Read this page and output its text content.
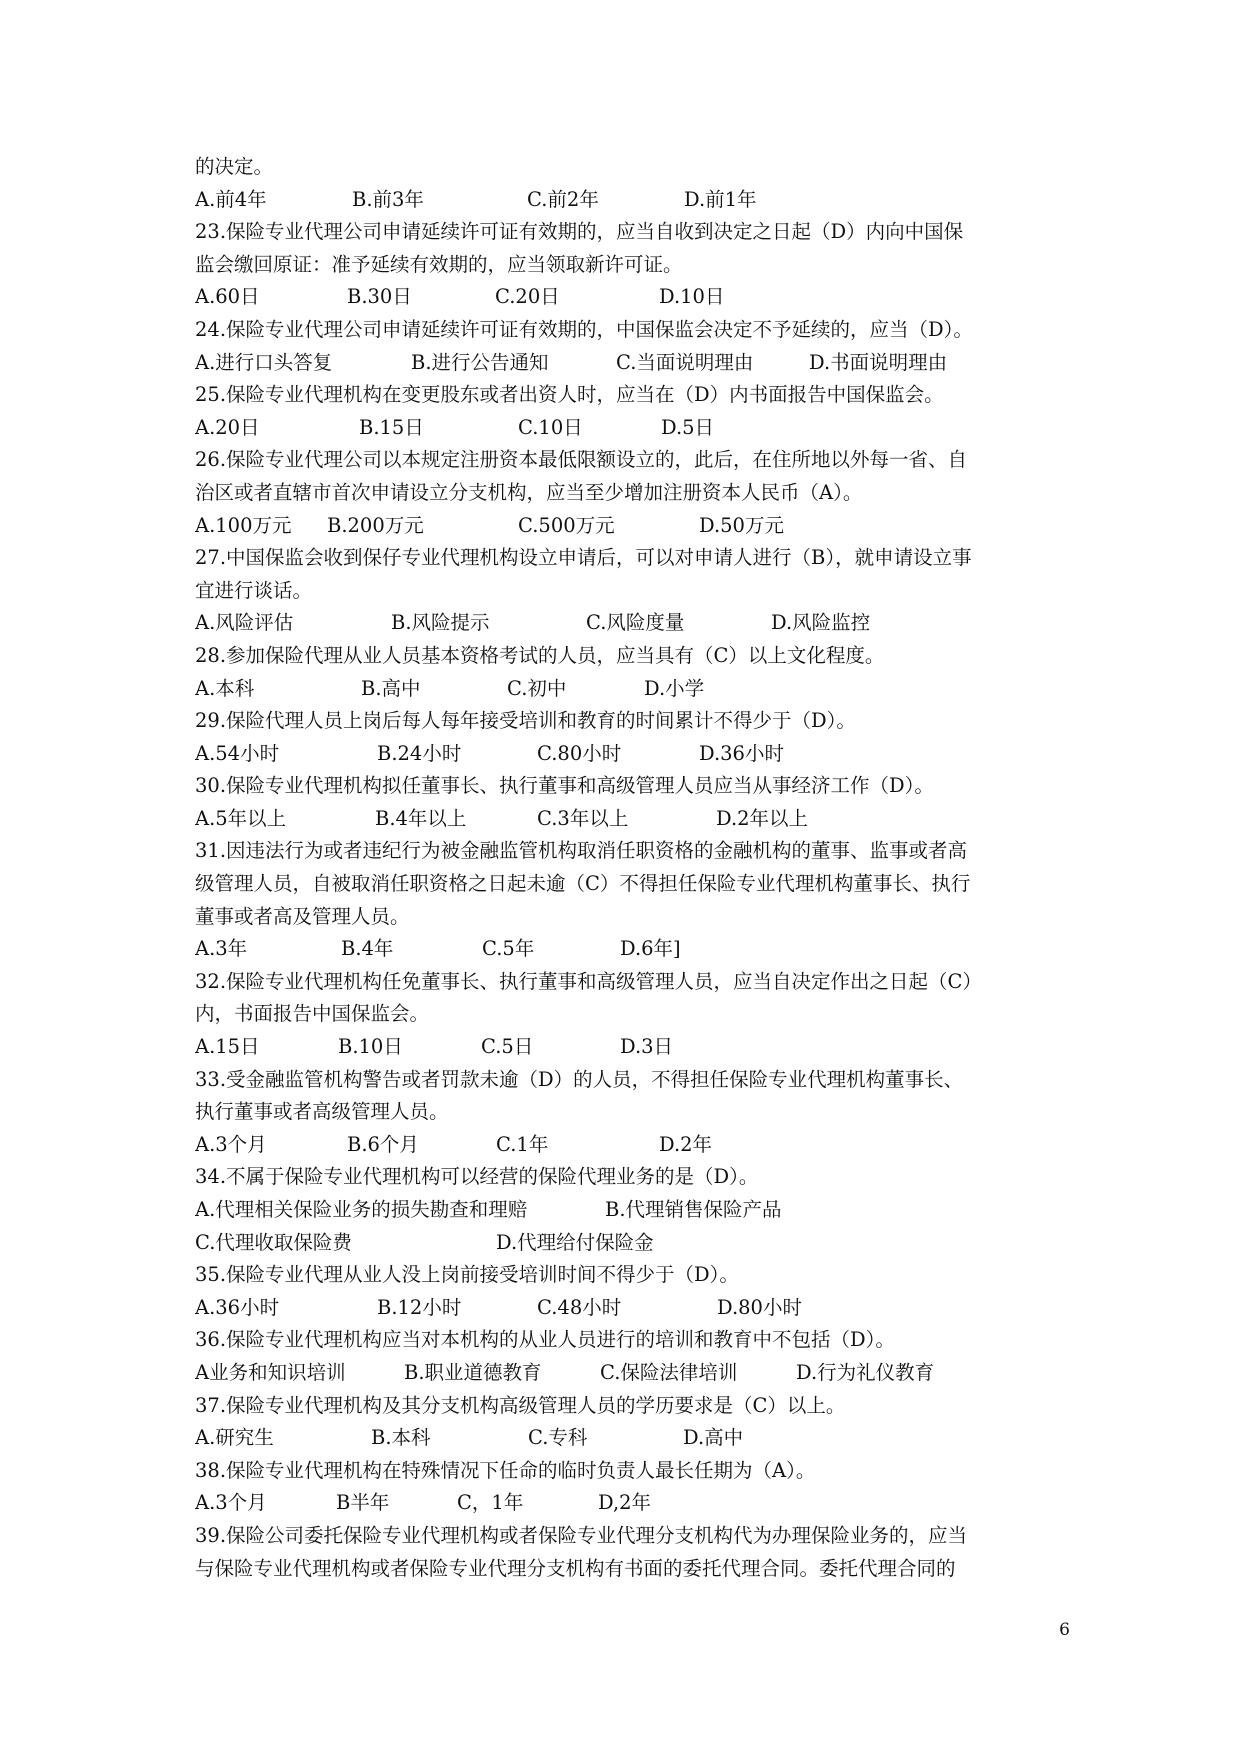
的决定。
A.前4年	B.前3年	C.前2年	D.前1年
23.保险专业代理公司申请延续许可证有效期的，应当自收到决定之日起（D）内向中国保
监会缴回原证：准予延续有效期的，应当领取新许可证。
A.60日	B.30日	C.20日	D.10日
24.保险专业代理公司申请延续许可证有效期的，中国保监会决定不予延续的，应当（D）。
A.进行口头答复	B.进行公告通知	C.当面说明理由	D.书面说明理由
25.保险专业代理机构在变更股东或者出资人时，应当在（D）内书面报告中国保监会。
A.20日	B.15日	C.10日	D.5日
26.保险专业代理公司以本规定注册资本最低限额设立的，此后，在住所地以外每一省、自
治区或者直辖市首次申请设立分支机构，应当至少增加注册资本人民币（A）。
A.100万元 B.200万元	C.500万元	D.50万元
27.中国保监会收到保仔专业代理机构设立申请后，可以对申请人进行（B），就申请设立事
宜进行谈话。
A.风险评估	B.风险提示	C.风险度量	D.风险监控
28.参加保险代理从业人员基本资格考试的人员，应当具有（C）以上文化程度。
A.本科	B.高中	C.初中	D.小学
29.保险代理人员上岗后每人每年接受培训和教育的时间累计不得少于（D）。
A.54小时	B.24小时	C.80小时	D.36小时
30.保险专业代理机构拟任董事长、执行董事和高级管理人员应当从事经济工作（D）。
A.5年以上	B.4年以上	C.3年以上	D.2年以上
31.因违法行为或者违纪行为被金融监管机构取消任职资格的金融机构的董事、监事或者高
级管理人员，自被取消任职资格之日起未逾（C）不得担任保险专业代理机构董事长、执行
董事或者高及管理人员。
A.3年	B.4年	C.5年	D.6年]
32.保险专业代理机构任免董事长、执行董事和高级管理人员，应当自决定作出之日起（C）
内，书面报告中国保监会。
A.15日	B.10日	C.5日	D.3日
33.受金融监管机构警告或者罚款未逾（D）的人员，不得担任保险专业代理机构董事长、
执行董事或者高级管理人员。
A.3个月	B.6个月	C.1年	D.2年
34.不属于保险专业代理机构可以经营的保险代理业务的是（D）。
A.代理相关保险业务的损失勘查和理赔	B.代理销售保险产品
C.代理收取保险费	D.代理给付保险金
35.保险专业代理从业人没上岗前接受培训时间不得少于（D）。
A.36小时	B.12小时	C.48小时	D.80小时
36.保险专业代理机构应当对本机构的从业人员进行的培训和教育中不包括（D）。
A业务和知识培训	B.职业道德教育	C.保险法律培训	D.行为礼仪教育
37.保险专业代理机构及其分支机构高级管理人员的学历要求是（C）以上。
A.研究生	B.本科	C.专科	D.高中
38.保险专业代理机构在特殊情况下任命的临时负责人最长任期为（A）。
A.3个月	B半年	C，1年	D,2年
39.保险公司委托保险专业代理机构或者保险专业代理分支机构代为办理保险业务的，应当
与保险专业代理机构或者保险专业代理分支机构有书面的委托代理合同。委托代理合同的
6
